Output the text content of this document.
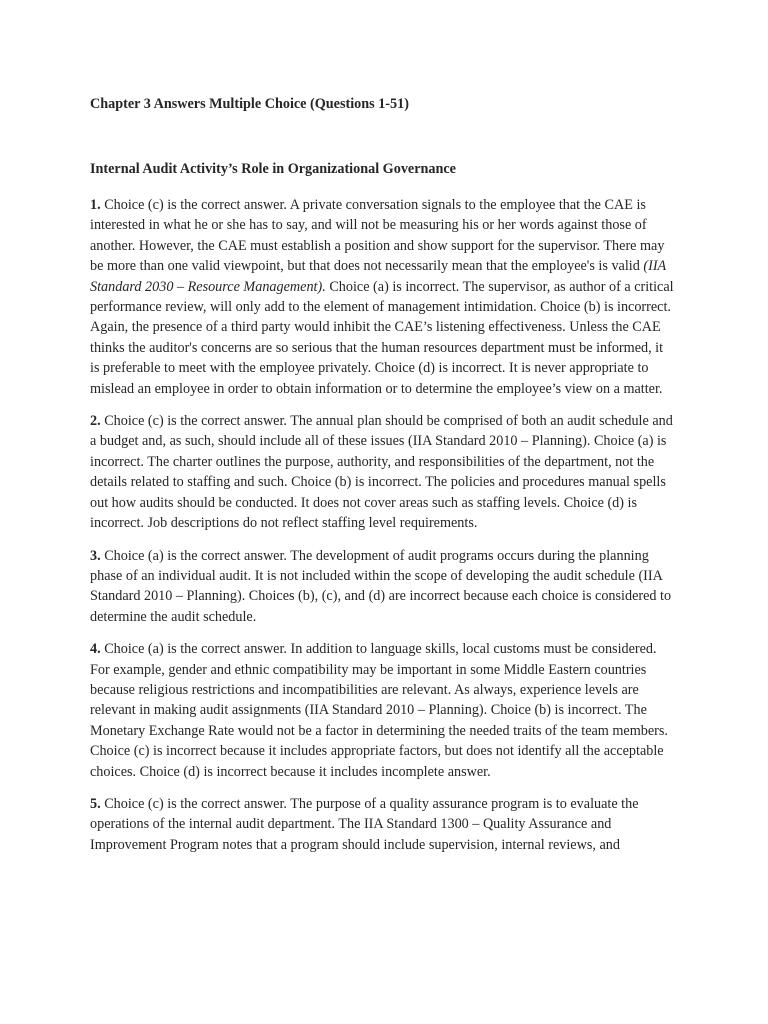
Chapter 3 Answers Multiple Choice (Questions 1-51)
Internal Audit Activity’s Role in Organizational Governance

1. Choice (c) is the correct answer. A private conversation signals to the employee that the CAE is interested in what he or she has to say, and will not be measuring his or her words against those of another. However, the CAE must establish a position and show support for the supervisor. There may be more than one valid viewpoint, but that does not necessarily mean that the employee's is valid (IIA Standard 2030 – Resource Management). Choice (a) is incorrect. The supervisor, as author of a critical performance review, will only add to the element of management intimidation. Choice (b) is incorrect. Again, the presence of a third party would inhibit the CAE’s listening effectiveness. Unless the CAE thinks the auditor's concerns are so serious that the human resources department must be informed, it is preferable to meet with the employee privately. Choice (d) is incorrect. It is never appropriate to mislead an employee in order to obtain information or to determine the employee’s view on a matter.

2. Choice (c) is the correct answer. The annual plan should be comprised of both an audit schedule and a budget and, as such, should include all of these issues (IIA Standard 2010 – Planning). Choice (a) is incorrect. The charter outlines the purpose, authority, and responsibilities of the department, not the details related to staffing and such. Choice (b) is incorrect. The policies and procedures manual spells out how audits should be conducted. It does not cover areas such as staffing levels. Choice (d) is incorrect. Job descriptions do not reflect staffing level requirements.

3. Choice (a) is the correct answer. The development of audit programs occurs during the planning phase of an individual audit. It is not included within the scope of developing the audit schedule (IIA Standard 2010 – Planning). Choices (b), (c), and (d) are incorrect because each choice is considered to determine the audit schedule.

4. Choice (a) is the correct answer. In addition to language skills, local customs must be considered. For example, gender and ethnic compatibility may be important in some Middle Eastern countries because religious restrictions and incompatibilities are relevant. As always, experience levels are relevant in making audit assignments (IIA Standard 2010 – Planning). Choice (b) is incorrect. The Monetary Exchange Rate would not be a factor in determining the needed traits of the team members. Choice (c) is incorrect because it includes appropriate factors, but does not identify all the acceptable choices. Choice (d) is incorrect because it includes incomplete answer.

5. Choice (c) is the correct answer. The purpose of a quality assurance program is to evaluate the operations of the internal audit department. The IIA Standard 1300 – Quality Assurance and Improvement Program notes that a program should include supervision, internal reviews, and
